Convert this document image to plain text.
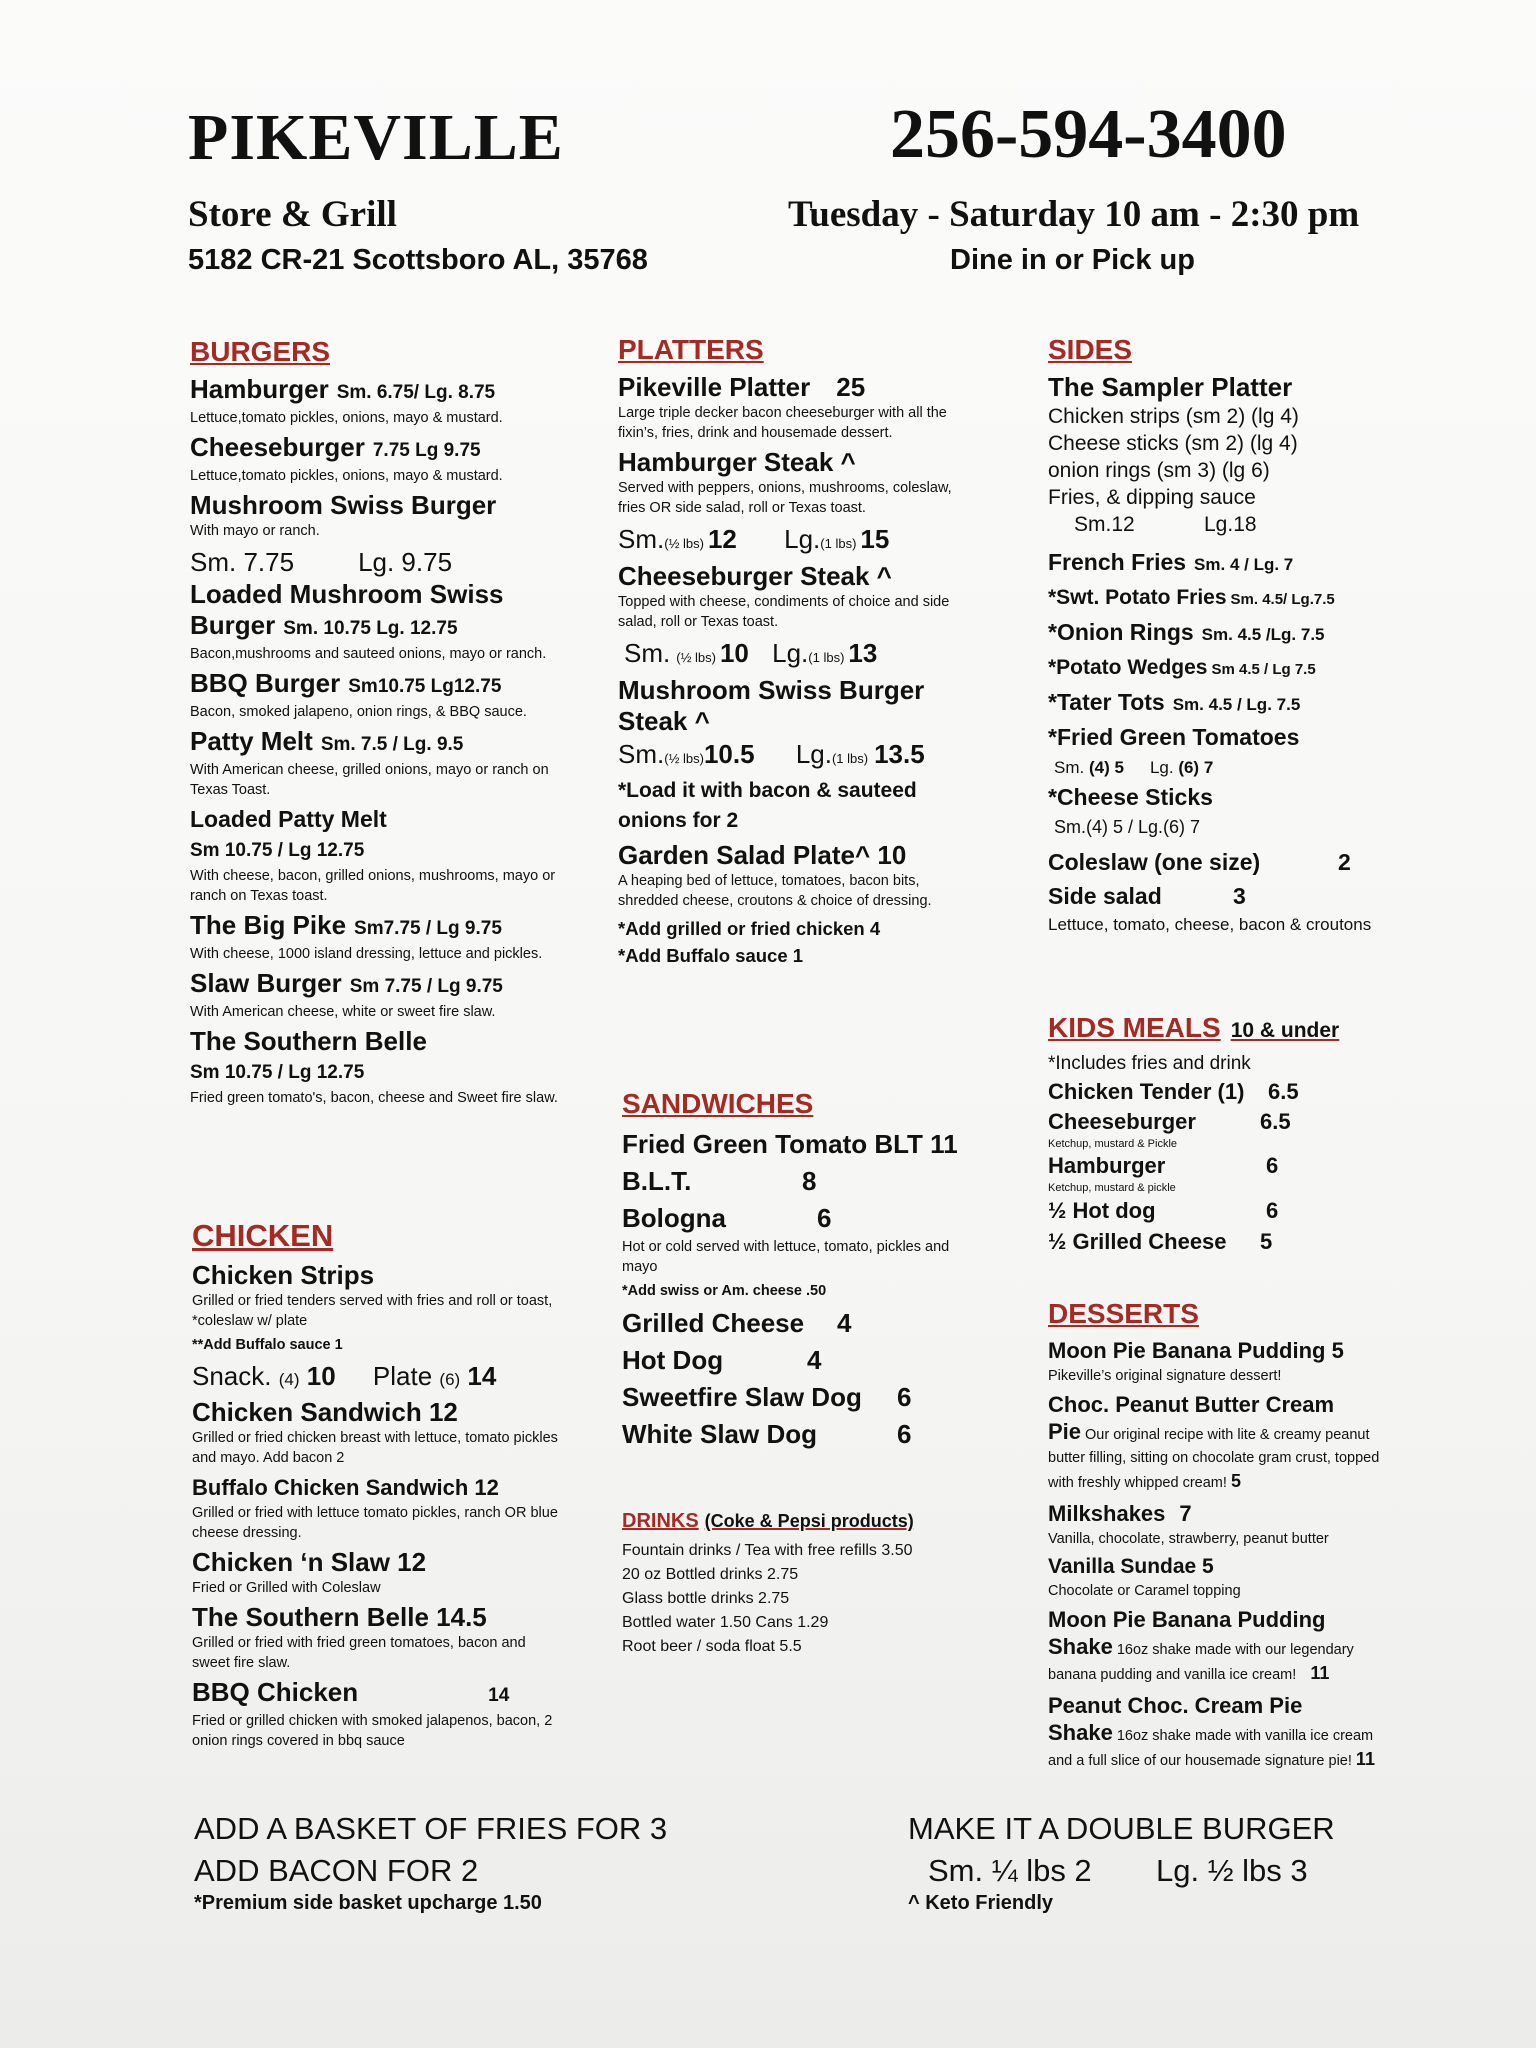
PIKEVILLE
Store & Grill
5182 CR-21 Scottsboro AL, 35768
256-594-3400
Tuesday - Saturday 10 am - 2:30 pm
Dine in or Pick up
BURGERS
Hamburger Sm. 6.75/ Lg. 8.75
Lettuce,tomato pickles, onions, mayo & mustard.
Cheeseburger 7.75 Lg 9.75
Lettuce,tomato pickles, onions, mayo & mustard.
Mushroom Swiss Burger
With mayo or ranch.
Sm. 7.75 Lg. 9.75
Loaded Mushroom Swiss
Burger Sm. 10.75 Lg. 12.75
Bacon,mushrooms and sauteed onions, mayo or ranch.
BBQ Burger Sm10.75 Lg12.75
Bacon, smoked jalapeno, onion rings, & BBQ sauce.
Patty Melt Sm. 7.5 / Lg. 9.5
With American cheese, grilled onions, mayo or ranch on Texas Toast.
Loaded Patty Melt
Sm 10.75 / Lg 12.75
With cheese, bacon, grilled onions, mushrooms, mayo or ranch on Texas toast.
The Big Pike Sm7.75 / Lg 9.75
With cheese, 1000 island dressing, lettuce and pickles.
Slaw Burger Sm 7.75 / Lg 9.75
With American cheese, white or sweet fire slaw.
The Southern Belle
Sm 10.75 / Lg 12.75
Fried green tomato's, bacon, cheese and Sweet fire slaw.
CHICKEN
Chicken Strips
Grilled or fried tenders served with fries and roll or toast, *coleslaw w/ plate
**Add Buffalo sauce 1
Snack. (4) 10 Plate (6) 14
Chicken Sandwich 12
Grilled or fried chicken breast with lettuce, tomato pickles and mayo. Add bacon 2
Buffalo Chicken Sandwich 12
Grilled or fried with lettuce tomato pickles, ranch OR blue cheese dressing.
Chicken ‘n Slaw 12
Fried or Grilled with Coleslaw
The Southern Belle 14.5
Grilled or fried with fried green tomatoes, bacon and sweet fire slaw.
BBQ Chicken	14
Fried or grilled chicken with smoked jalapenos, bacon, 2 onion rings covered in bbq sauce
PLATTERS
Pikeville Platter 25
Large triple decker bacon cheeseburger with all the fixin’s, fries, drink and housemade dessert.
Hamburger Steak ^
Served with peppers, onions, mushrooms, coleslaw, fries OR side salad, roll or Texas toast.
Sm.(½ lbs) 12 Lg.(1 lbs) 15
Cheeseburger Steak ^
Topped with cheese, condiments of choice and side salad, roll or Texas toast.
Sm. (½ lbs) 10 Lg.(1 lbs) 13
Mushroom Swiss Burger
Steak ^
Sm.(½ lbs)10.5 Lg.(1 lbs) 13.5
*Load it with bacon & sauteed onions for 2
Garden Salad Plate^ 10
A heaping bed of lettuce, tomatoes, bacon bits, shredded cheese, croutons & choice of dressing.
*Add grilled or fried chicken 4
*Add Buffalo sauce 1
SANDWICHES
Fried Green Tomato BLT 11
B.L.T.	8
Bologna	6
Hot or cold served with lettuce, tomato, pickles and mayo
*Add swiss or Am. cheese .50
Grilled Cheese 4
Hot Dog	4
Sweetfire Slaw Dog 6
White Slaw Dog	6
DRINKS (Coke & Pepsi products)
Fountain drinks / Tea with free refills 3.50
20 oz Bottled drinks 2.75
Glass bottle drinks 2.75
Bottled water 1.50 Cans 1.29
Root beer / soda float 5.5
SIDES
The Sampler Platter
Chicken strips (sm 2) (lg 4)
Cheese sticks (sm 2) (lg 4)
onion rings (sm 3) (lg 6)
Fries, & dipping sauce
Sm.12	Lg.18
French Fries Sm. 4 / Lg. 7
*Swt. Potato Fries Sm. 4.5/ Lg.7.5
*Onion Rings Sm. 4.5 /Lg. 7.5
*Potato Wedges Sm 4.5 / Lg 7.5
*Tater Tots Sm. 4.5 / Lg. 7.5
*Fried Green Tomatoes
Sm. (4) 5 Lg. (6) 7
*Cheese Sticks
Sm.(4) 5 / Lg.(6) 7
Coleslaw (one size)	2
Side salad	3
Lettuce, tomato, cheese, bacon & croutons
KIDS MEALS 10 & under
*Includes fries and drink
Chicken Tender (1) 6.5
Cheeseburger	6.5
Ketchup, mustard & Pickle
Hamburger	6
Ketchup, mustard & pickle
½ Hot dog	6
½ Grilled Cheese 5
DESSERTS
Moon Pie Banana Pudding 5
Pikeville’s original signature dessert!
Choc. Peanut Butter Cream
Pie Our original recipe with lite & creamy peanut butter filling, sitting on chocolate gram crust, topped with freshly whipped cream! 5
Milkshakes 7
Vanilla, chocolate, strawberry, peanut butter
Vanilla Sundae 5
Chocolate or Caramel topping
Moon Pie Banana Pudding
Shake 16oz shake made with our legendary banana pudding and vanilla ice cream! 11
Peanut Choc. Cream Pie
Shake 16oz shake made with vanilla ice cream and a full slice of our housemade signature pie! 11
ADD A BASKET OF FRIES FOR 3
ADD BACON FOR 2
*Premium side basket upcharge 1.50
MAKE IT A DOUBLE BURGER
Sm. ¼ lbs 2 Lg. ½ lbs 3
^ Keto Friendly
